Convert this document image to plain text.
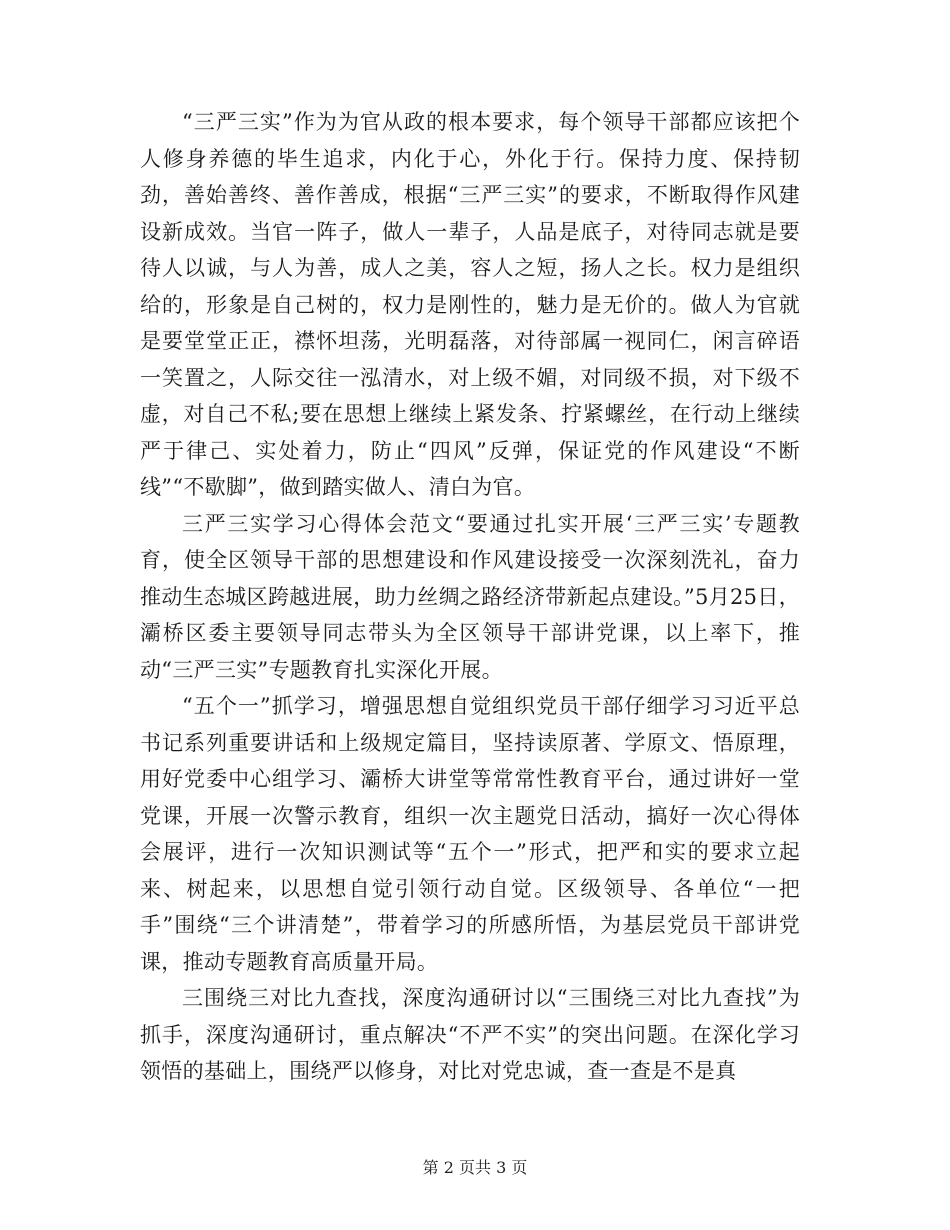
“三严三实”作为为官从政的根本要求，每个领导干部都应该把个人修身养德的毕生追求，内化于心，外化于行。保持力度、保持韧劲，善始善终、善作善成，根据“三严三实”的要求，不断取得作风建设新成效。当官一阵子，做人一辈子，人品是底子，对待同志就是要待人以诚，与人为善，成人之美，容人之短，扬人之长。权力是组织给的，形象是自己树的，权力是刚性的，魅力是无价的。做人为官就是要堂堂正正，襟怀坦荡，光明磊落，对待部属一视同仁，闲言碎语一笑置之，人际交往一泓清水，对上级不媚，对同级不损，对下级不虚，对自己不私;要在思想上继续上紧发条、拧紧螺丝，在行动上继续严于律己、实处着力，防止“四风”反弹，保证党的作风建设“不断线”“不歇脚”，做到踏实做人、清白为官。

三严三实学习心得体会范文“要通过扎实开展‘三严三实’专题教育，使全区领导干部的思想建设和作风建设接受一次深刻洗礼，奋力推动生态城区跨越进展，助力丝绸之路经济带新起点建设。”5月25日，灞桥区委主要领导同志带头为全区领导干部讲党课，以上率下，推动“三严三实”专题教育扎实深化开展。

“五个一”抓学习，增强思想自觉组织党员干部仔细学习习近平总书记系列重要讲话和上级规定篇目，坚持读原著、学原文、悟原理，用好党委中心组学习、灞桥大讲堂等常常性教育平台，通过讲好一堂党课，开展一次警示教育，组织一次主题党日活动，搞好一次心得体会展评，进行一次知识测试等“五个一”形式，把严和实的要求立起来、树起来，以思想自觉引领行动自觉。区级领导、各单位“一把手”围绕“三个讲清楚”，带着学习的所感所悟，为基层党员干部讲党课，推动专题教育高质量开局。

三围绕三对比九查找，深度沟通研讨以“三围绕三对比九查找”为抓手，深度沟通研讨，重点解决“不严不实”的突出问题。在深化学习领悟的基础上，围绕严以修身，对比对党忠诚，查一查是不是真

第 2 页共 3 页
